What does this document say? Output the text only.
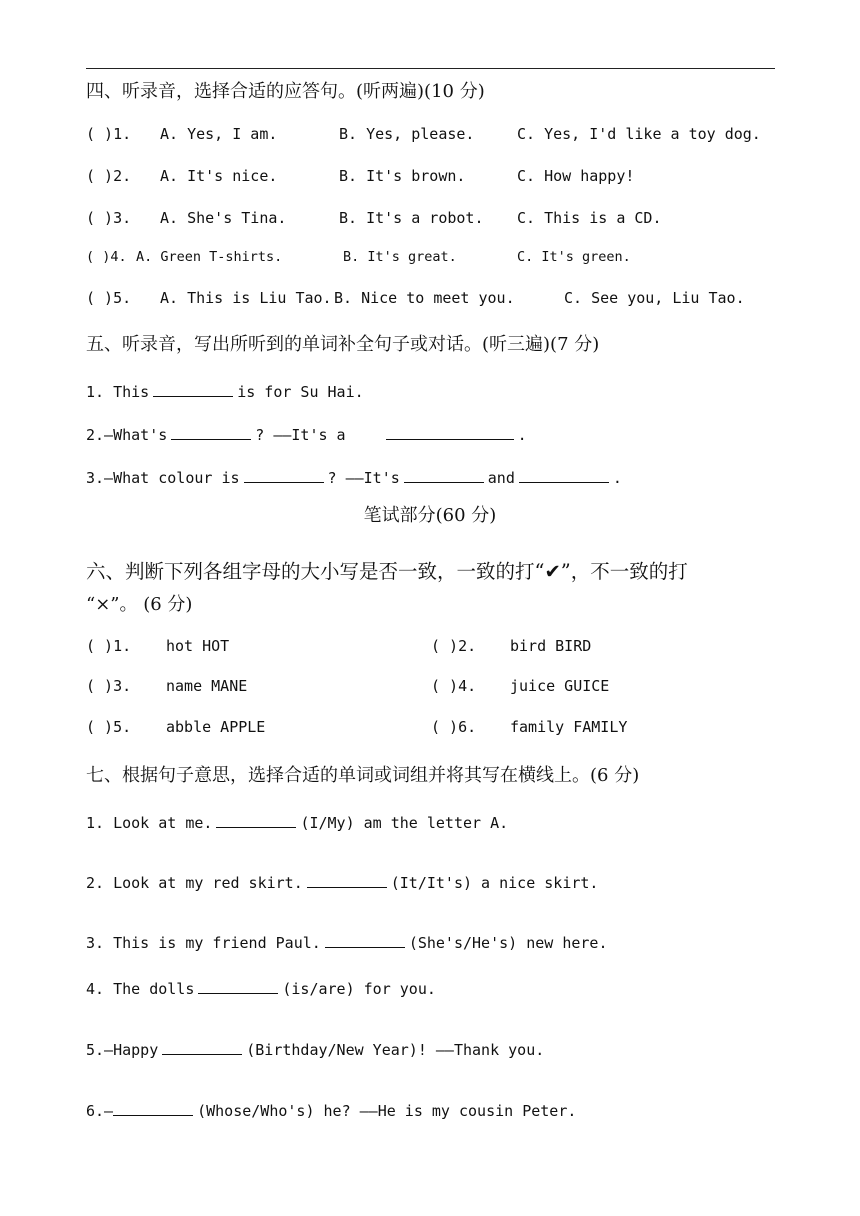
四、听录音，选择合适的应答句。(听两遍)(10 分)
( )1. A. Yes, I am.	B. Yes, please.	C. Yes, I'd like a toy dog.
( )2. A. It's nice.	B. It's brown.	C. How happy!
( )3. A. She's Tina.	B. It's a robot. C. This is a CD.
( )4. A. Green T-shirts.	B. It's great.	C. It's green.
( )5. A. This is Liu Tao. B. Nice to meet you.	C. See you, Liu Tao.
五、听录音，写出所听到的单词补全句子或对话。(听三遍)(7 分)
1. This	is for Su Hai.
2.—What's	? ——It's a	.
3.—What colour is	? ——It's	and	.
笔试部分(60 分)
六、判断下列各组字母的大小写是否一致，一致的打“✔”，不一致的打
“×”。 (6 分)
( )1. hot HOT	( )2. bird BIRD
( )3. name MANE	( )4. juice GUICE
( )5. abble APPLE	( )6. family FAMILY
七、根据句子意思，选择合适的单词或词组并将其写在横线上。(6 分)
1. Look at me.	(I/My) am the letter A.
2. Look at my red skirt.	(It/It's) a nice skirt.
3. This is my friend Paul.	(She's/He's) new here.
4. The dolls	(is/are) for you.
5.—Happy	(Birthday/New Year)! ——Thank you.
6.—	(Whose/Who's) he? ——He is my cousin Peter.
